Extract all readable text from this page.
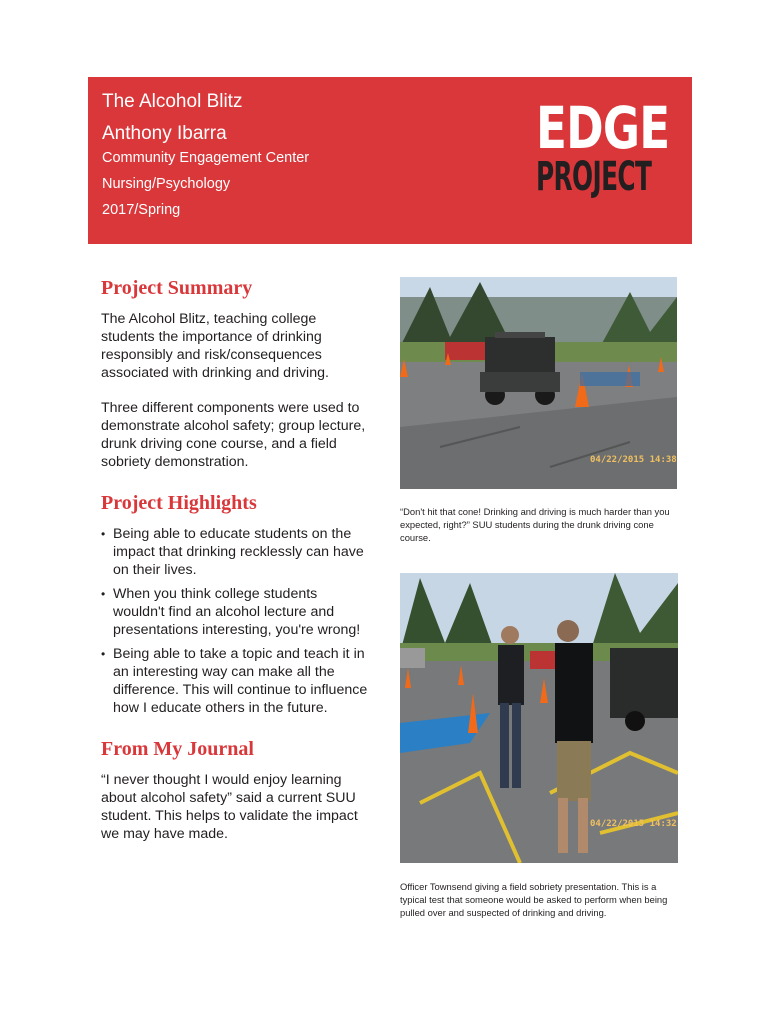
The Alcohol Blitz
Anthony Ibarra
Community Engagement Center
Nursing/Psychology
2017/Spring
EDGE
PROJECT
Project Summary

The Alcohol Blitz, teaching college students the importance of drinking responsibly and risk/consequences associated with drinking and driving.

Three different components were used to demonstrate alcohol safety; group lecture, drunk driving cone course, and a field sobriety demonstration.

Project Highlights
• Being able to educate students on the impact that drinking recklessly can have on their lives.
• When you think college students wouldn't find an alcohol lecture and presentations interesting, you're wrong!
• Being able to take a topic and teach it in an interesting way can make all the difference. This will continue to influence how I educate others in the future.
From My Journal

“I never thought I would enjoy learning about alcohol safety” said a current SUU student. This helps to validate the impact we may have made.

04/22/2015 14:38
“Don't hit that cone! Drinking and driving is much harder than you expected, right?” SUU students during the drunk driving cone course.
04/22/2015 14:32
Officer Townsend giving a field sobriety presentation. This is a typical test that someone would be asked to perform when being pulled over and suspected of drinking and driving.
